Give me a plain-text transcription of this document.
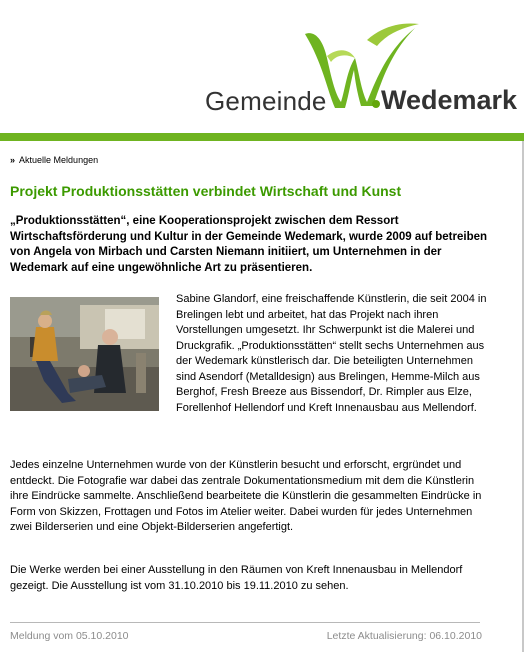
Gemeinde Wedemark
» Aktuelle Meldungen
Projekt Produktionsstätten verbindet Wirtschaft und Kunst

„Produktionsstätten“, eine Kooperationsprojekt zwischen dem Ressort Wirtschaftsförderung und Kultur in der Gemeinde Wedemark, wurde 2009 auf betreiben von Angela von Mirbach und Carsten Niemann initiiert, um Unternehmen in der Wedemark auf eine ungewöhnliche Art zu präsentieren.

Sabine Glandorf, eine freischaffende Künstlerin, die seit 2004 in Brelingen lebt und arbeitet, hat das Projekt nach ihren Vorstellungen umgesetzt. Ihr Schwerpunkt ist die Malerei und Druckgrafik. „Produktionsstätten“ stellt sechs Unternehmen aus der Wedemark künstlerisch dar. Die beteiligten Unternehmen sind Asendorf (Metalldesign) aus Brelingen, Hemme-Milch aus Berghof, Fresh Breeze aus Bissendorf, Dr. Rimpler aus Elze, Forellenhof Hellendorf und Kreft Innenausbau aus Mellendorf.

Jedes einzelne Unternehmen wurde von der Künstlerin besucht und erforscht, ergründet und entdeckt. Die Fotografie war dabei das zentrale Dokumentationsmedium mit dem die Künstlerin ihre Eindrücke sammelte. Anschließend bearbeitete die Künstlerin die gesammelten Eindrücke in Form von Skizzen, Frottagen und Fotos im Atelier weiter. Dabei wurden für jedes Unternehmen zwei Bilderserien und eine Objekt-Bilderserien angefertigt.

Die Werke werden bei einer Ausstellung in den Räumen von Kreft Innenausbau in Mellendorf gezeigt. Die Ausstellung ist vom 31.10.2010 bis 19.11.2010 zu sehen.

Meldung vom 05.10.2010	Letzte Aktualisierung: 06.10.2010
